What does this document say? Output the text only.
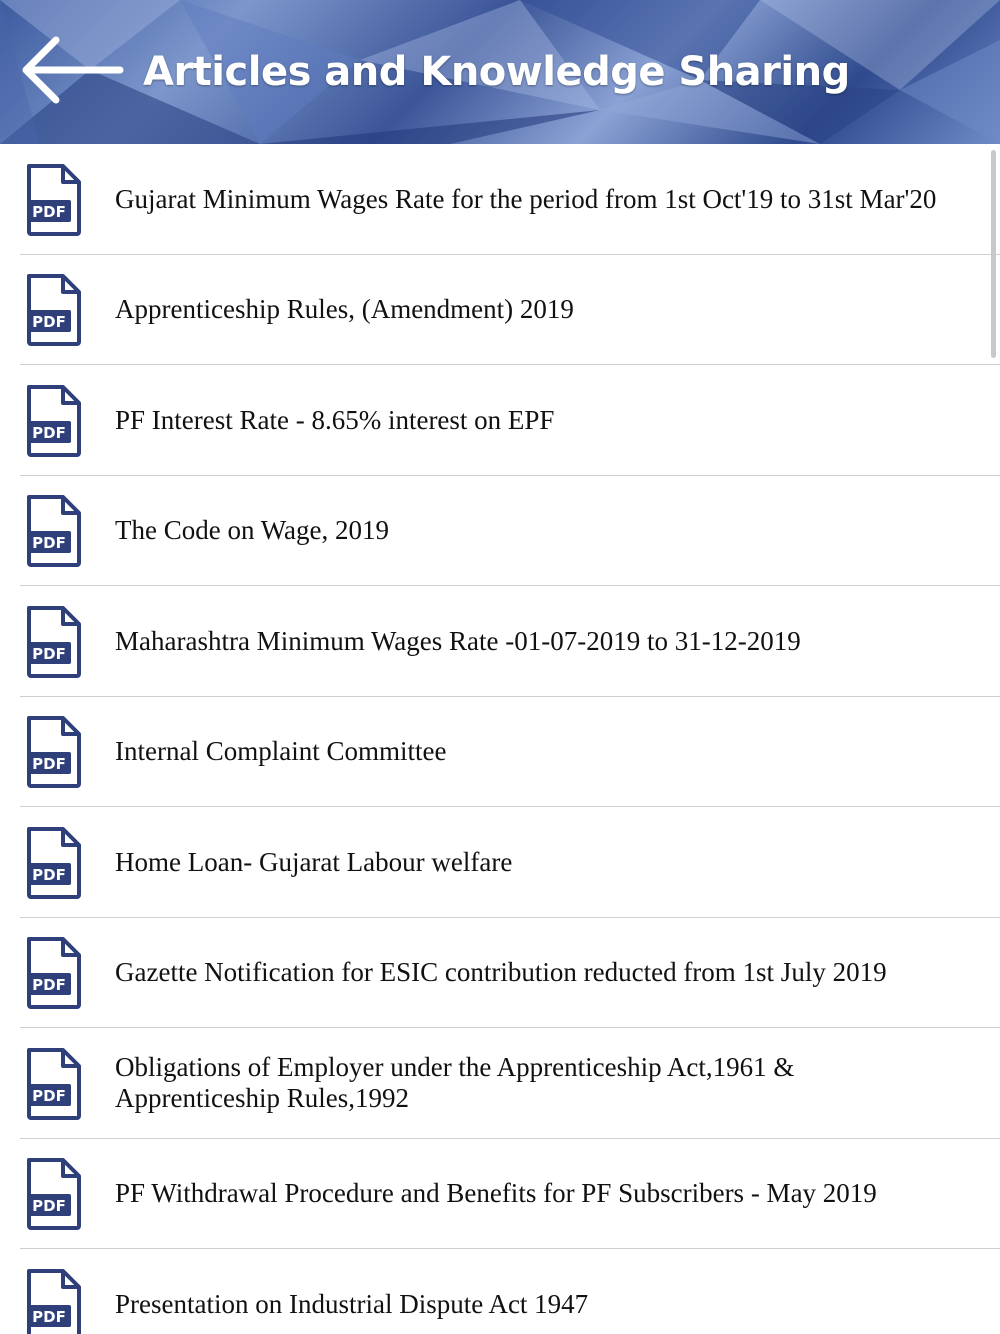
Articles and Knowledge Sharing
PDF Gujarat Minimum Wages Rate for the period from 1st Oct'19 to 31st Mar'20
PDF Apprenticeship Rules, (Amendment) 2019
PDF PF Interest Rate - 8.65% interest on EPF
PDF The Code on Wage, 2019
PDF Maharashtra Minimum Wages Rate -01-07-2019 to 31-12-2019
PDF Internal Complaint Committee
PDF Home Loan- Gujarat Labour welfare
PDF Gazette Notification for ESIC contribution reducted from 1st July 2019
PDF
Obligations of Employer under the Apprenticeship Act,1961 & Apprenticeship Rules,1992
PDF PF Withdrawal Procedure and Benefits for PF Subscribers - May 2019
PDF Presentation on Industrial Dispute Act 1947
